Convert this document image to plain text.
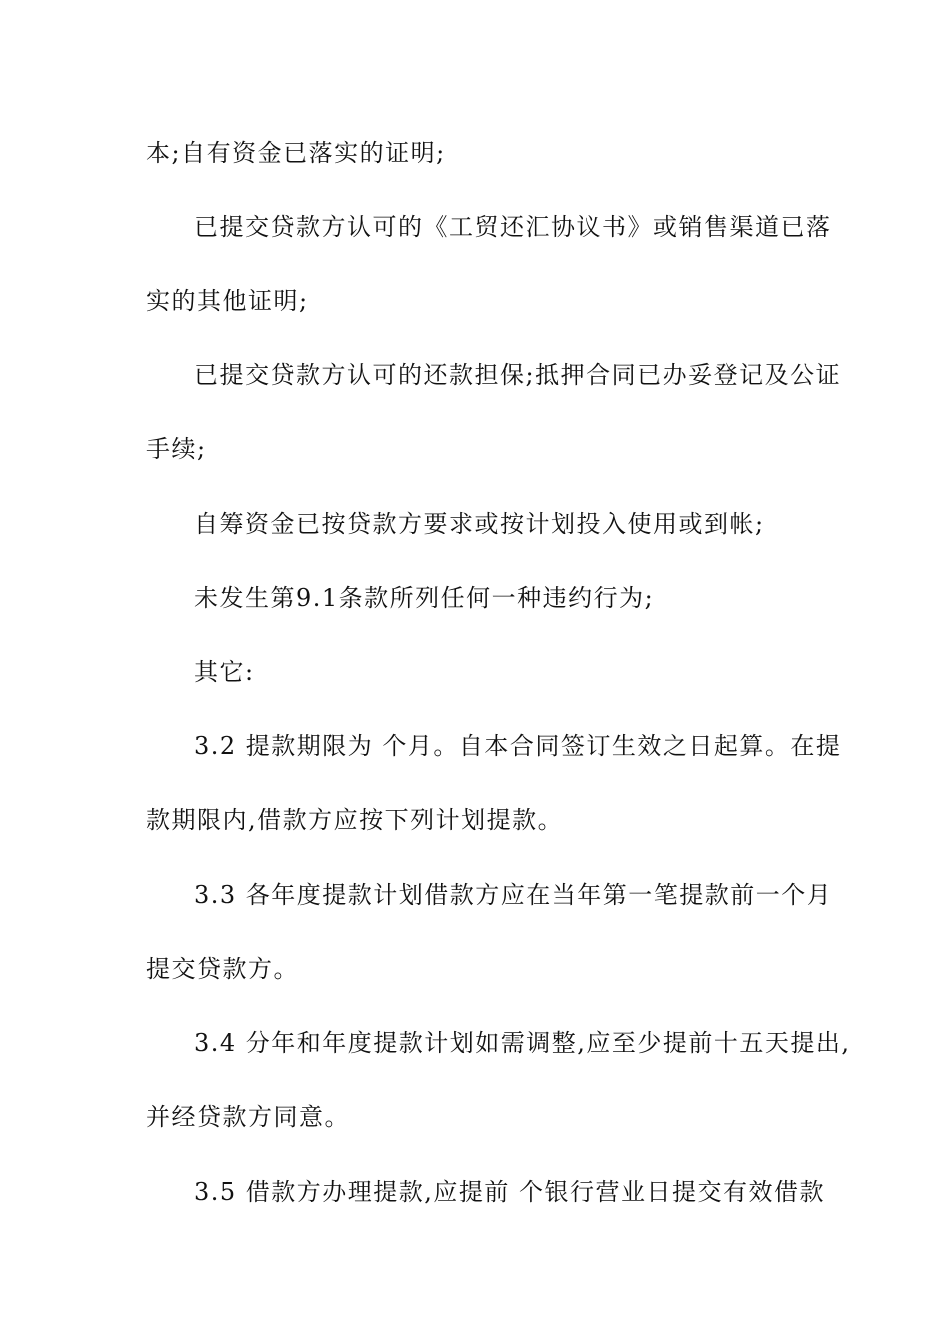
本;自有资金已落实的证明;
已提交贷款方认可的《工贸还汇协议书》或销售渠道已落
实的其他证明;
已提交贷款方认可的还款担保;抵押合同已办妥登记及公证
手续;
自筹资金已按贷款方要求或按计划投入使用或到帐;
未发生第9.1条款所列任何一种违约行为;
其它:
3.2 提款期限为 个月。自本合同签订生效之日起算。在提
款期限内,借款方应按下列计划提款。
3.3 各年度提款计划借款方应在当年第一笔提款前一个月
提交贷款方。
3.4 分年和年度提款计划如需调整,应至少提前十五天提出,
并经贷款方同意。
3.5 借款方办理提款,应提前 个银行营业日提交有效借款
